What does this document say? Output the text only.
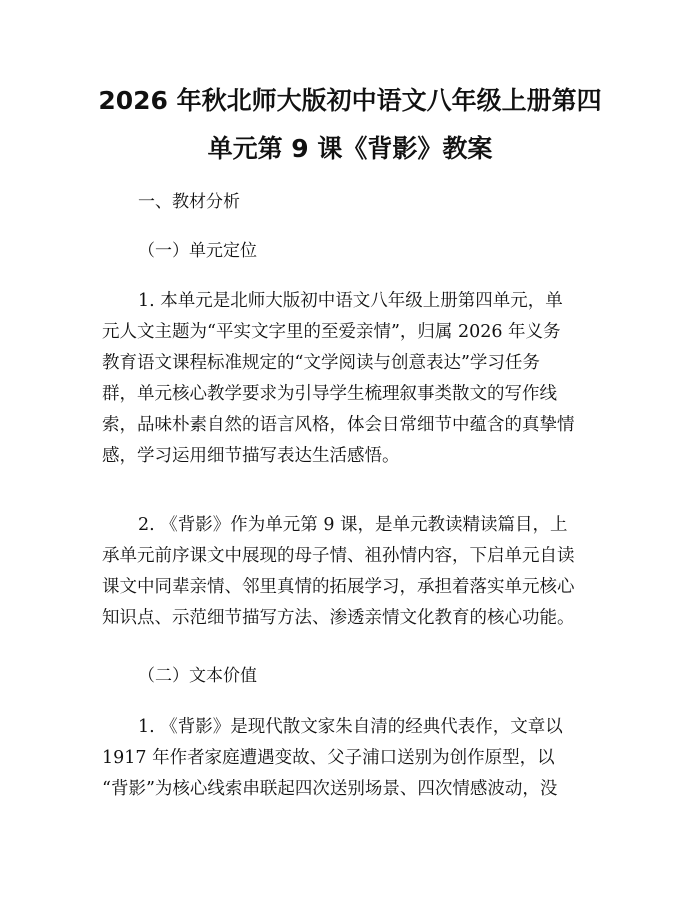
2026 年秋北师大版初中语文八年级上册第四
单元第 9 课《背影》教案
一、教材分析
（一）单元定位
1. 本单元是北师大版初中语文八年级上册第四单元，单
元人文主题为“平实文字里的至爱亲情”，归属 2026 年义务
教育语文课程标准规定的“文学阅读与创意表达”学习任务
群，单元核心教学要求为引导学生梳理叙事类散文的写作线
索，品味朴素自然的语言风格，体会日常细节中蕴含的真挚情
感，学习运用细节描写表达生活感悟。
2. 《背影》作为单元第 9 课，是单元教读精读篇目，上
承单元前序课文中展现的母子情、祖孙情内容，下启单元自读
课文中同辈亲情、邻里真情的拓展学习，承担着落实单元核心
知识点、示范细节描写方法、渗透亲情文化教育的核心功能。
（二）文本价值
1. 《背影》是现代散文家朱自清的经典代表作，文章以
1917 年作者家庭遭遇变故、父子浦口送别为创作原型，以
“背影”为核心线索串联起四次送别场景、四次情感波动，没
